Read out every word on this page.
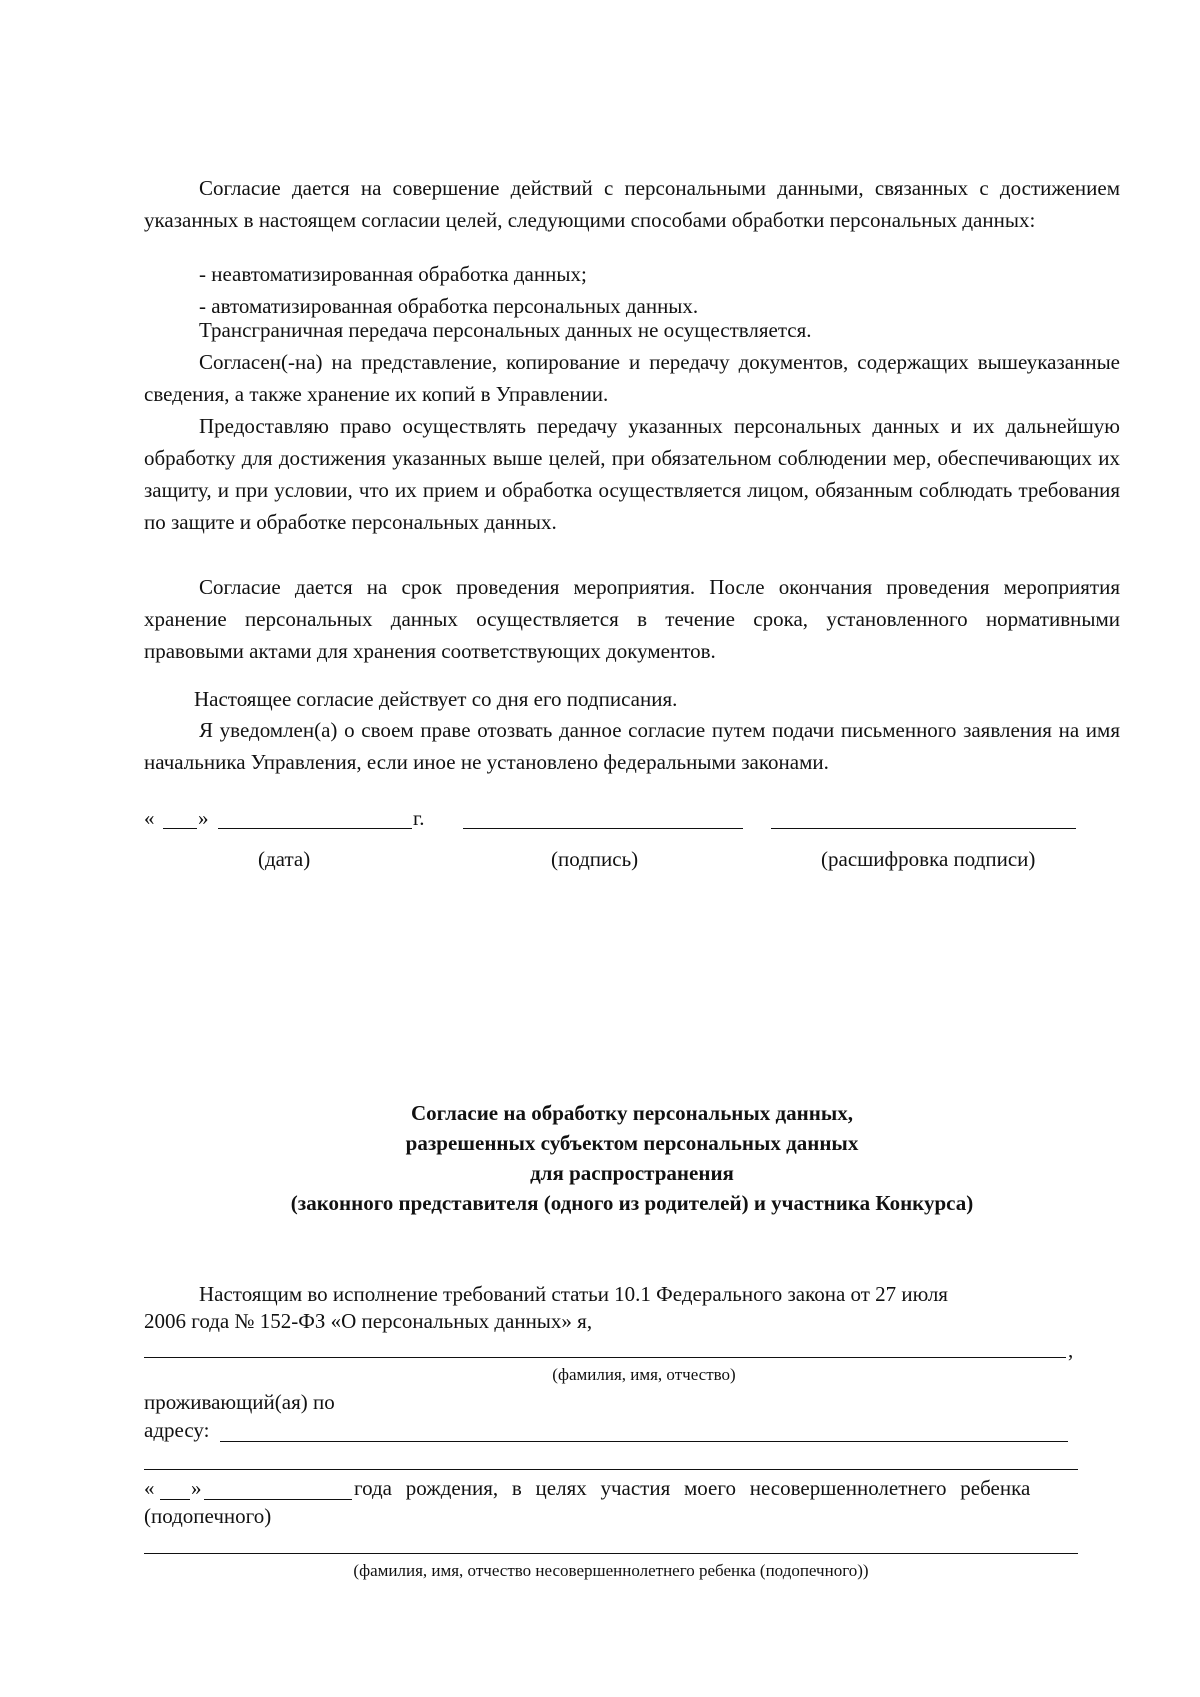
Согласие дается на совершение действий с персональными данными, связанных с достижением указанных в настоящем согласии целей, следующими способами обработки персональных данных:

- неавтоматизированная обработка данных;

- автоматизированная обработка персональных данных.

Трансграничная передача персональных данных не осуществляется.

Согласен(-на) на представление, копирование и передачу документов, содержащих вышеуказанные сведения, а также хранение их копий в Управлении.

Предоставляю право осуществлять передачу указанных персональных данных и их дальнейшую обработку для достижения указанных выше целей, при обязательном соблюдении мер, обеспечивающих их защиту, и при условии, что их прием и обработка осуществляется лицом, обязанным соблюдать требования по защите и обработке персональных данных.

Согласие дается на срок проведения мероприятия. После окончания проведения мероприятия хранение персональных данных осуществляется в течение срока, установленного нормативными правовыми актами для хранения соответствующих документов.

Настоящее согласие действует со дня его подписания.

Я уведомлен(а) о своем праве отозвать данное согласие путем подачи письменного заявления на имя начальника Управления, если иное не установлено федеральными законами.

« »	г.
(дата)	(подпись)	(расшифровка подписи)
Согласие на обработку персональных данных,
разрешенных субъектом персональных данных
для распространения
(законного представителя (одного из родителей) и участника Конкурса)
Настоящим во исполнение требований статьи 10.1 Федерального закона от 27 июля
2006 года № 152-ФЗ «О персональных данных» я,
,
(фамилия, имя, отчество)
проживающий(ая) по
адресу:
« »	года рождения, в целях участия моего несовершеннолетнего ребенка
(подопечного)
(фамилия, имя, отчество несовершеннолетнего ребенка (подопечного))
